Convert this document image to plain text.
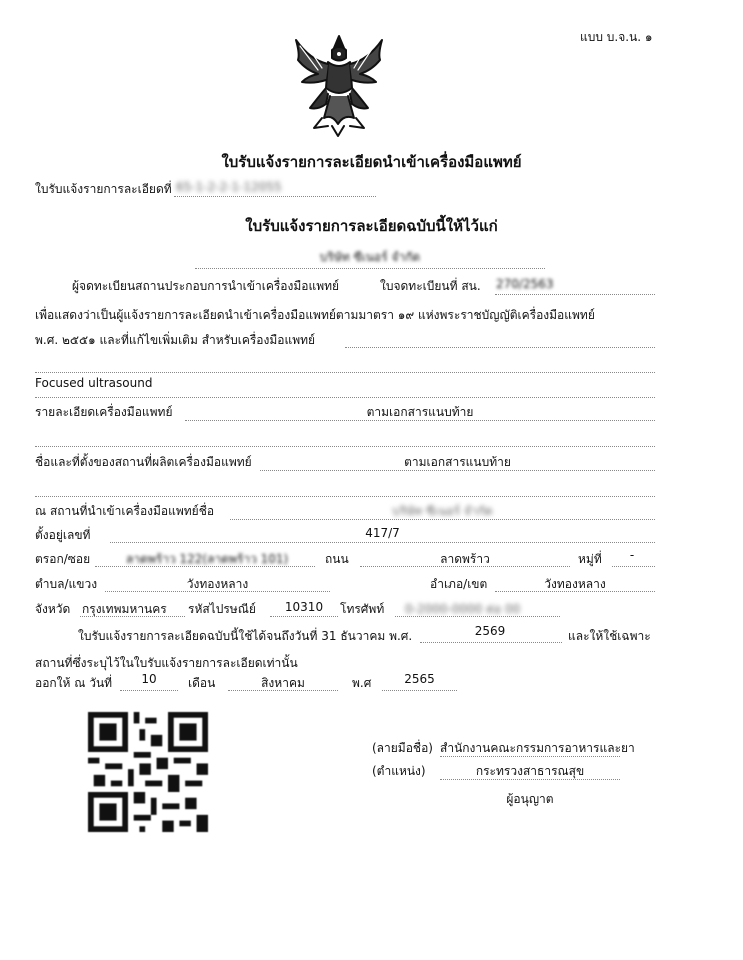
แบบ บ.จ.น. ๑
ใบรับแจ้งรายการละเอียดนำเข้าเครื่องมือแพทย์
ใบรับแจ้งรายการละเอียดที่ 65-1-2-2-1-12055
ใบรับแจ้งรายการละเอียดฉบับนี้ให้ไว้แก่
บริษัท ซีเนอร์ จำกัด
ผู้จดทะเบียนสถานประกอบการนำเข้าเครื่องมือแพทย์	ใบจดทะเบียนที่ สน. 270/2563
เพื่อแสดงว่าเป็นผู้แจ้งรายการละเอียดนำเข้าเครื่องมือแพทย์ตามมาตรา ๑๙ แห่งพระราชบัญญัติเครื่องมือแพทย์
พ.ศ. ๒๕๕๑ และที่แก้ไขเพิ่มเติม สำหรับเครื่องมือแพทย์
Focused ultrasound
รายละเอียดเครื่องมือแพทย์	ตามเอกสารแนบท้าย
ชื่อและที่ตั้งของสถานที่ผลิตเครื่องมือแพทย์	ตามเอกสารแนบท้าย
ณ สถานที่นำเข้าเครื่องมือแพทย์ชื่อ	บริษัท ซีเนอร์ จำกัด
ตั้งอยู่เลขที่	417/7
ตรอก/ซอย	ลาดพร้าว 122(ลาดพร้าว 101)	ถนน	ลาดพร้าว	หมู่ที่	-
ตำบล/แขวง	วังทองหลาง	อำเภอ/เขต	วังทองหลาง
จังหวัด กรุงเทพมหานคร รหัสไปรษณีย์	10310	โทรศัพท์ 0-2000-0000 ต่อ 00
ใบรับแจ้งรายการละเอียดฉบับนี้ใช้ได้จนถึงวันที่ 31 ธันวาคม พ.ศ.	2569	และให้ใช้เฉพาะ
สถานที่ซึ่งระบุไว้ในใบรับแจ้งรายการละเอียดเท่านั้น
ออกให้ ณ วันที่	10	เดือน	สิงหาคม	พ.ศ	2565
(ลายมือชื่อ) สำนักงานคณะกรรมการอาหารและยา
(ตำแหน่ง)	กระทรวงสาธารณสุข
ผู้อนุญาต
